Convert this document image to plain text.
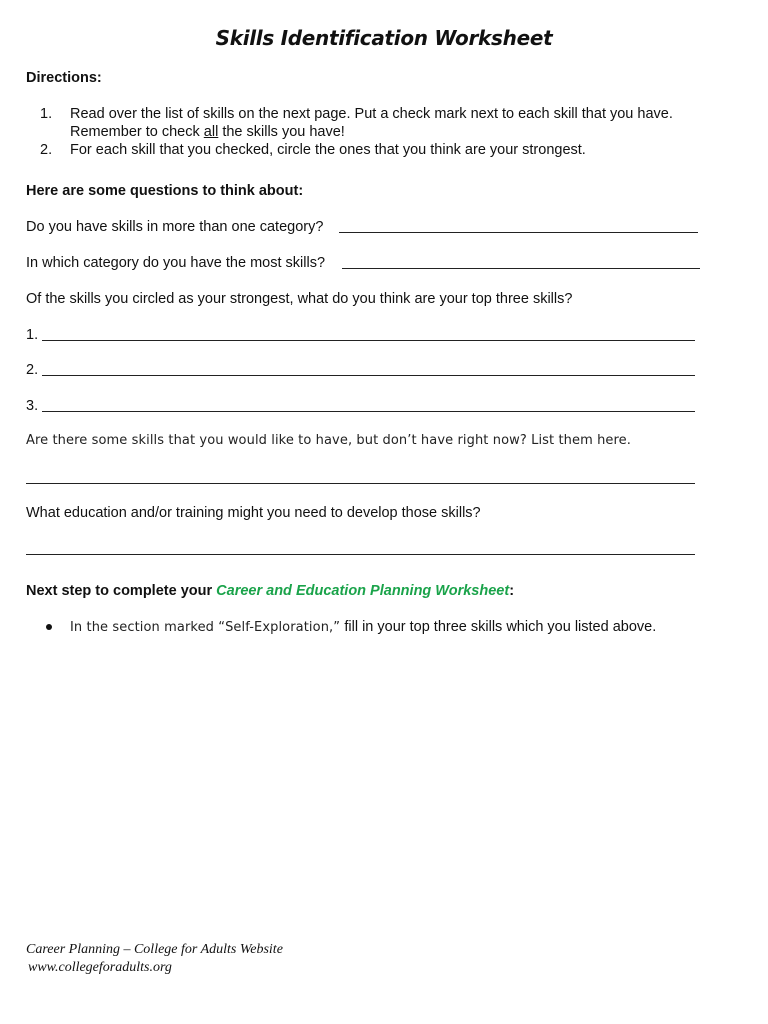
Skills Identification Worksheet
Directions:
1. Read over the list of skills on the next page. Put a check mark next to each skill that you have.
Remember to check all the skills you have!
2. For each skill that you checked, circle the ones that you think are your strongest.
Here are some questions to think about:
Do you have skills in more than one category?
In which category do you have the most skills?
Of the skills you circled as your strongest, what do you think are your top three skills?
1.
2.
3.
Are there some skills that you would like to have, but don’t have right now? List them here.
What education and/or training might you need to develop those skills?
Next step to complete your Career and Education Planning Worksheet:
In the section marked “Self-Exploration,” fill in your top three skills which you listed above.
Career Planning – College for Adults Website
www.collegeforadults.org
